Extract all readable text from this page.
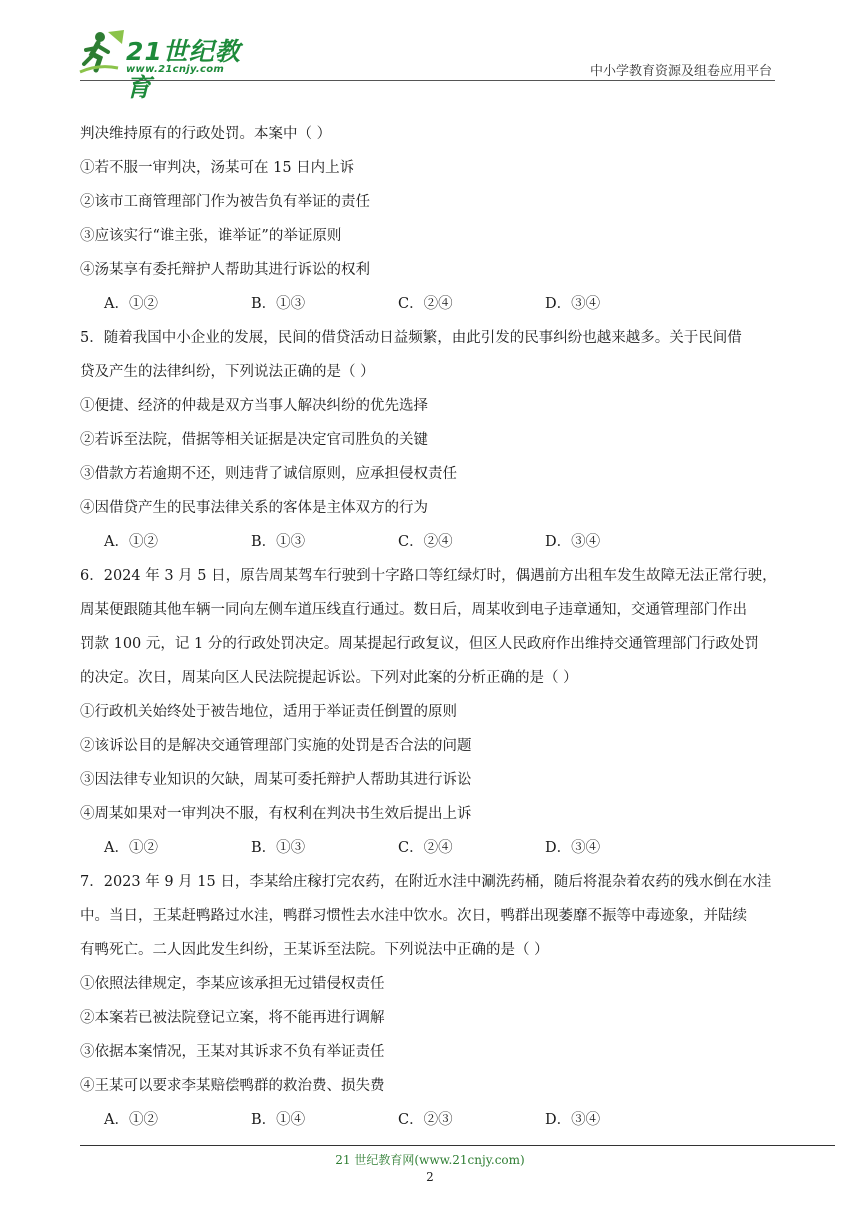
21世纪教育
www.21cnjy.com	中小学教育资源及组卷应用平台
判决维持原有的行政处罚。本案中（ ）
①若不服一审判决，汤某可在 15 日内上诉
②该市工商管理部门作为被告负有举证的责任
③应该实行“谁主张，谁举证”的举证原则
④汤某享有委托辩护人帮助其进行诉讼的权利
A．①②	B．①③	C．②④	D．③④
5．随着我国中小企业的发展，民间的借贷活动日益频繁，由此引发的民事纠纷也越来越多。关于民间借
贷及产生的法律纠纷，下列说法正确的是（ ）
①便捷、经济的仲裁是双方当事人解决纠纷的优先选择
②若诉至法院，借据等相关证据是决定官司胜负的关键
③借款方若逾期不还，则违背了诚信原则，应承担侵权责任
④因借贷产生的民事法律关系的客体是主体双方的行为
A．①②	B．①③	C．②④	D．③④
6．2024 年 3 月 5 日，原告周某驾车行驶到十字路口等红绿灯时，偶遇前方出租车发生故障无法正常行驶，
周某便跟随其他车辆一同向左侧车道压线直行通过。数日后，周某收到电子违章通知，交通管理部门作出
罚款 100 元，记 1 分的行政处罚决定。周某提起行政复议，但区人民政府作出维持交通管理部门行政处罚
的决定。次日，周某向区人民法院提起诉讼。下列对此案的分析正确的是（ ）
①行政机关始终处于被告地位，适用于举证责任倒置的原则
②该诉讼目的是解决交通管理部门实施的处罚是否合法的问题
③因法律专业知识的欠缺，周某可委托辩护人帮助其进行诉讼
④周某如果对一审判决不服，有权利在判决书生效后提出上诉
A．①②	B．①③	C．②④	D．③④
7．2023 年 9 月 15 日，李某给庄稼打完农药，在附近水洼中涮洗药桶，随后将混杂着农药的残水倒在水洼
中。当日，王某赶鸭路过水洼，鸭群习惯性去水洼中饮水。次日，鸭群出现萎靡不振等中毒迹象，并陆续
有鸭死亡。二人因此发生纠纷，王某诉至法院。下列说法中正确的是（ ）
①依照法律规定，李某应该承担无过错侵权责任
②本案若已被法院登记立案，将不能再进行调解
③依据本案情况，王某对其诉求不负有举证责任
④王某可以要求李某赔偿鸭群的救治费、损失费
A．①②	B．①④	C．②③	D．③④
21 世纪教育网(www.21cnjy.com)
2
